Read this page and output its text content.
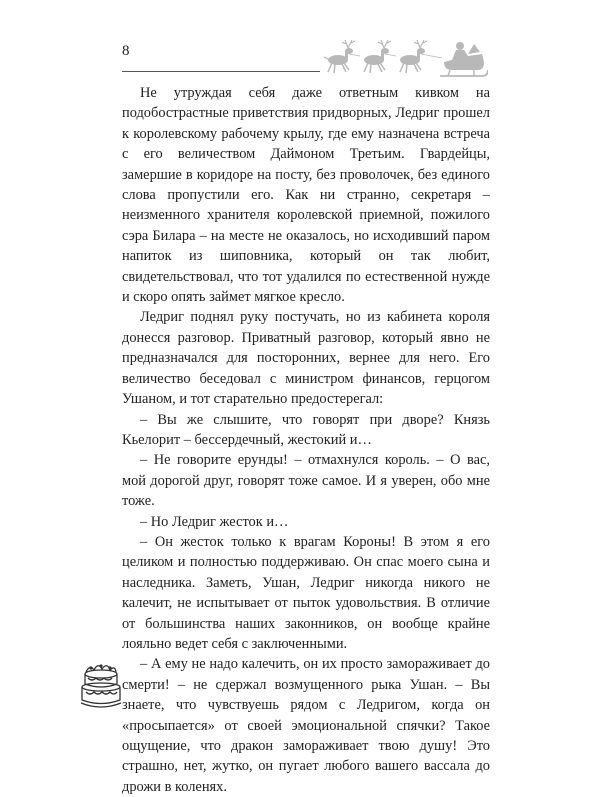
8

Не утруждая себя даже ответным кивком на подобострастные приветствия придворных, Ледриг прошел к королевскому рабочему крылу, где ему назначена встреча с его величеством Даймоном Третьим. Гвардейцы, замершие в коридоре на посту, без проволочек, без единого слова пропустили его. Как ни странно, секретаря – неизменного хранителя королевской приемной, пожилого сэра Билара – на месте не оказалось, но исходивший паром напиток из шиповника, который он так любит, свидетельствовал, что тот удалился по естественной нужде и скоро опять займет мягкое кресло.

Ледриг поднял руку постучать, но из кабинета короля донесся разговор. Приватный разговор, который явно не предназначался для посторонних, вернее для него. Его величество беседовал с министром финансов, герцогом Ушаном, и тот старательно предостерегал:

– Вы же слышите, что говорят при дворе? Князь Кьелорит – бессердечный, жестокий и…

– Не говорите ерунды! – отмахнулся король. – О вас, мой дорогой друг, говорят тоже самое. И я уверен, обо мне тоже.

– Но Ледриг жесток и…

– Он жесток только к врагам Короны! В этом я его целиком и полностью поддерживаю. Он спас моего сына и наследника. Заметь, Ушан, Ледриг никогда никого не калечит, не испытывает от пыток удовольствия. В отличие от большинства наших законников, он вообще крайне лояльно ведет себя с заключенными.

– А ему не надо калечить, он их просто замораживает до смерти! – не сдержал возмущенного рыка Ушан. – Вы знаете, что чувствуешь рядом с Ледригом, когда он «просыпается» от своей эмоциональной спячки? Такое ощущение, что дракон замораживает твою душу! Это страшно, нет, жутко, он пугает любого вашего вассала до дрожи в коленях.
